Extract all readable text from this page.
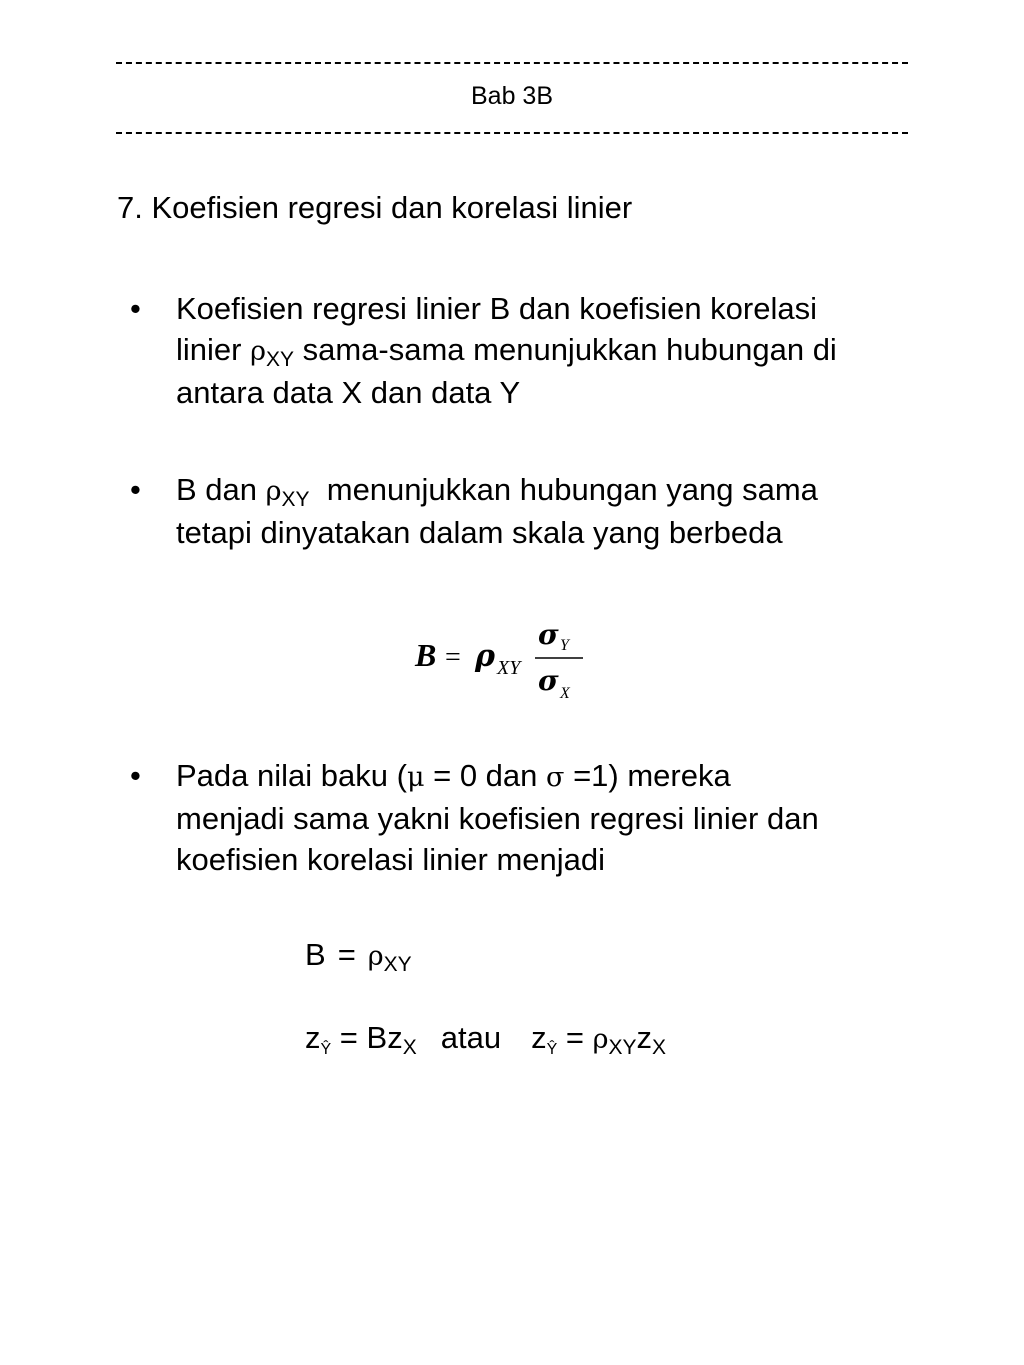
Bab 3B
7. Koefisien regresi dan korelasi linier
• Koefisien regresi linier B dan koefisien korelasi
linier $\rho_{XY}$ sama-sama menunjukkan hubungan di
antara data X dan data Y
• B dan $\rho_{XY}$  menunjukkan hubungan yang sama
tetapi dinyatakan dalam skala yang berbeda
B = ρ XY
σ Y
σ X
• Pada nilai baku (μ = 0 dan σ =1) mereka
menjadi sama yakni koefisien regresi linier dan
koefisien korelasi linier menjadi
$B = \rho_{XY}$
$z_Ŷ = Bz_X$ atau $z_Ŷ = \rho_{XY}z_X$
